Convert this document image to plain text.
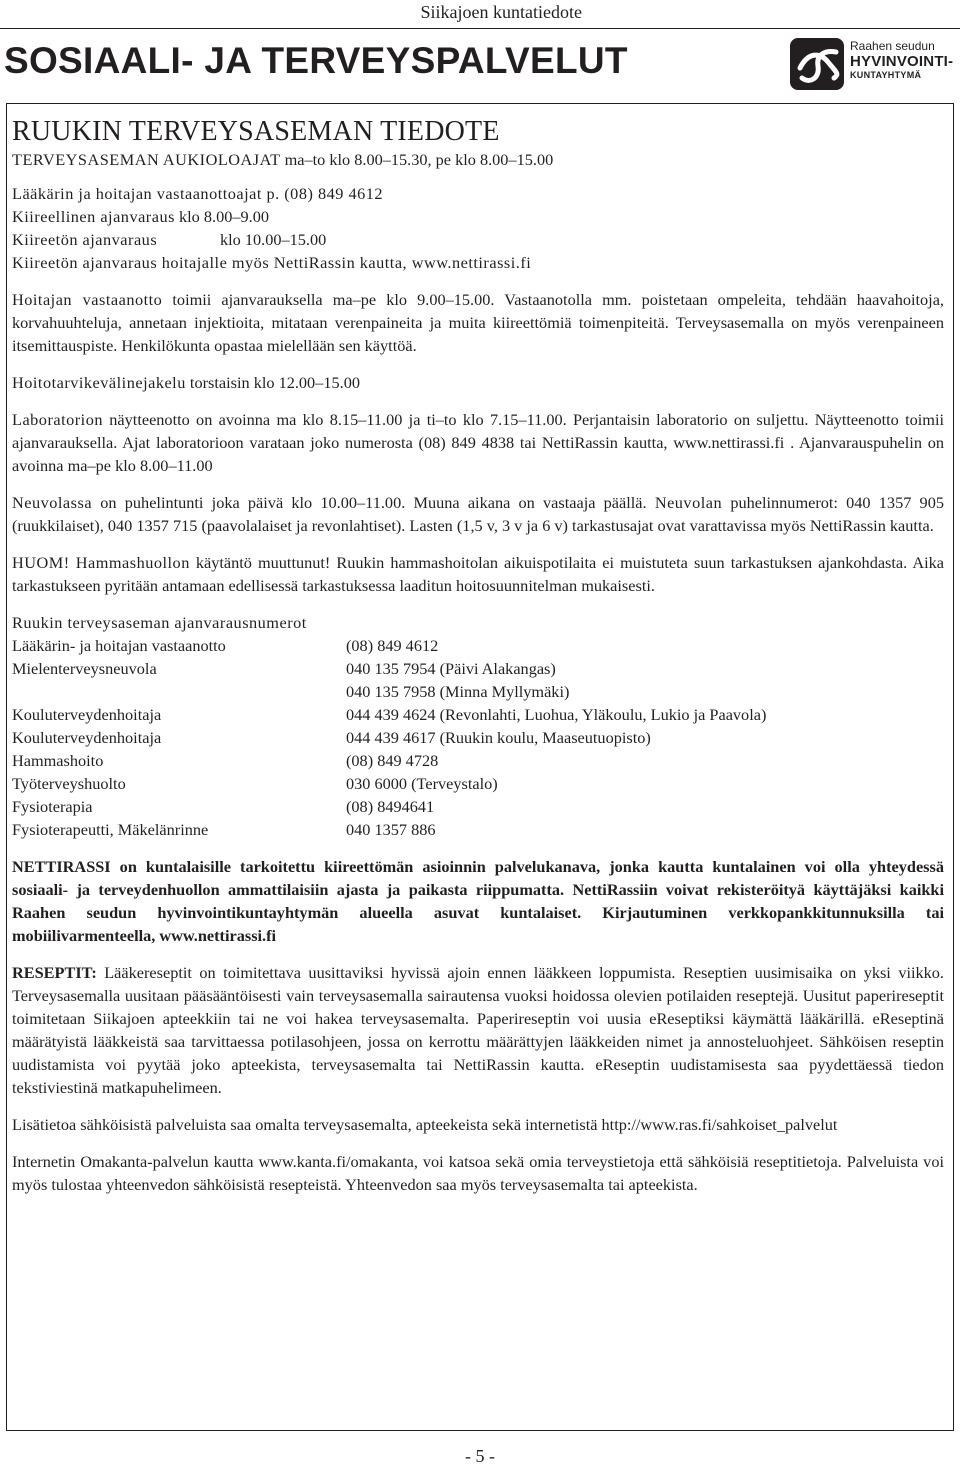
Siikajoen kuntatiedote
SOSIAALI- JA TERVEYSPALVELUT	Raahen seudun
HYVINVOINTI-
KUNTAYHTYMÄ
RUUKIN TERVEYSASEMAN TIEDOTE

TERVEYSASEMAN AUKIOLOAJAT ma–to klo 8.00–15.30, pe klo 8.00–15.00

Lääkärin ja hoitajan vastaanottoajat p. (08) 849 4612

Kiireellinen ajanvaraus klo 8.00–9.00

Kiireetön ajanvaraus	klo 10.00–15.00

Kiireetön ajanvaraus hoitajalle myös NettiRassin kautta, www.nettirassi.fi

Hoitajan vastaanotto toimii ajanvarauksella ma–pe klo 9.00–15.00. Vastaanotolla mm. poistetaan ompeleita, tehdään haavahoitoja, korvahuuhteluja, annetaan injektioita, mitataan verenpaineita ja muita kiireettömiä toimenpiteitä. Terveysasemalla on myös verenpaineen itsemittauspiste. Henkilökunta opastaa mielellään sen käyttöä.

Hoitotarvikevälinejakelu torstaisin klo 12.00–15.00

Laboratorion näytteenotto on avoinna ma klo 8.15–11.00 ja ti–to klo 7.15–11.00. Perjantaisin laboratorio on suljettu. Näytteenotto toimii ajanvarauksella. Ajat laboratorioon varataan joko numerosta (08) 849 4838 tai NettiRassin kautta, www.nettirassi.fi . Ajanvarauspuhelin on avoinna ma–pe klo 8.00–11.00

Neuvolassa on puhelintunti joka päivä klo 10.00–11.00. Muuna aikana on vastaaja päällä. Neuvolan puhelinnumerot: 040 1357 905 (ruukkilaiset), 040 1357 715 (paavolalaiset ja revonlahtiset). Lasten (1,5 v, 3 v ja 6 v) tarkastusajat ovat varattavissa myös NettiRassin kautta.

HUOM! Hammashuollon käytäntö muuttunut! Ruukin hammashoitolan aikuispotilaita ei muistuteta suun tarkastuksen ajankohdasta. Aika tarkastukseen pyritään antamaan edellisessä tarkastuksessa laaditun hoitosuunnitelman mukaisesti.

Ruukin terveysaseman ajanvarausnumerot

Lääkärin- ja hoitajan vastaanotto	(08) 849 4612
Mielenterveysneuvola	040 135 7954 (Päivi Alakangas)
040 135 7958 (Minna Myllymäki)
Kouluterveydenhoitaja	044 439 4624 (Revonlahti, Luohua, Yläkoulu, Lukio ja Paavola)
Kouluterveydenhoitaja	044 439 4617 (Ruukin koulu, Maaseutuopisto)
Hammashoito	(08) 849 4728
Työterveyshuolto	030 6000 (Terveystalo)
Fysioterapia	(08) 8494641
Fysioterapeutti, Mäkelänrinne	040 1357 886

NETTIRASSI on kuntalaisille tarkoitettu kiireettömän asioinnin palvelukanava, jonka kautta kuntalainen voi olla yhteydessä sosiaali- ja terveydenhuollon ammattilaisiin ajasta ja paikasta riippumatta. NettiRassiin voivat rekisteröityä käyttäjäksi kaikki Raahen seudun hyvinvointikuntayhtymän alueella asuvat kuntalaiset. Kirjautuminen verkkopankkitunnuksilla tai mobiilivarmenteella, www.nettirassi.fi

RESEPTIT: Lääkereseptit on toimitettava uusittaviksi hyvissä ajoin ennen lääkkeen loppumista. Reseptien uusimisaika on yksi viikko. Terveysasemalla uusitaan pääsääntöisesti vain terveysasemalla sairautensa vuoksi hoidossa olevien potilaiden reseptejä. Uusitut paperireseptit toimitetaan Siikajoen apteekkiin tai ne voi hakea terveysasemalta. Paperireseptin voi uusia eReseptiksi käymättä lääkärillä. eReseptinä määrätyistä lääkkeistä saa tarvittaessa potilasohjeen, jossa on kerrottu määrättyjen lääkkeiden nimet ja annosteluohjeet. Sähköisen reseptin uudistamista voi pyytää joko apteekista, terveysasemalta tai NettiRassin kautta. eReseptin uudistamisesta saa pyydettäessä tiedon tekstiviestinä matkapuhelimeen.

Lisätietoa sähköisistä palveluista saa omalta terveysasemalta, apteekeista sekä internetistä http://www.ras.fi/sahkoiset_palvelut

Internetin Omakanta-palvelun kautta www.kanta.fi/omakanta, voi katsoa sekä omia terveystietoja että sähköisiä reseptitietoja. Palveluista voi myös tulostaa yhteenvedon sähköisistä resepteistä. Yhteenvedon saa myös terveysasemalta tai apteekista.

- 5 -
